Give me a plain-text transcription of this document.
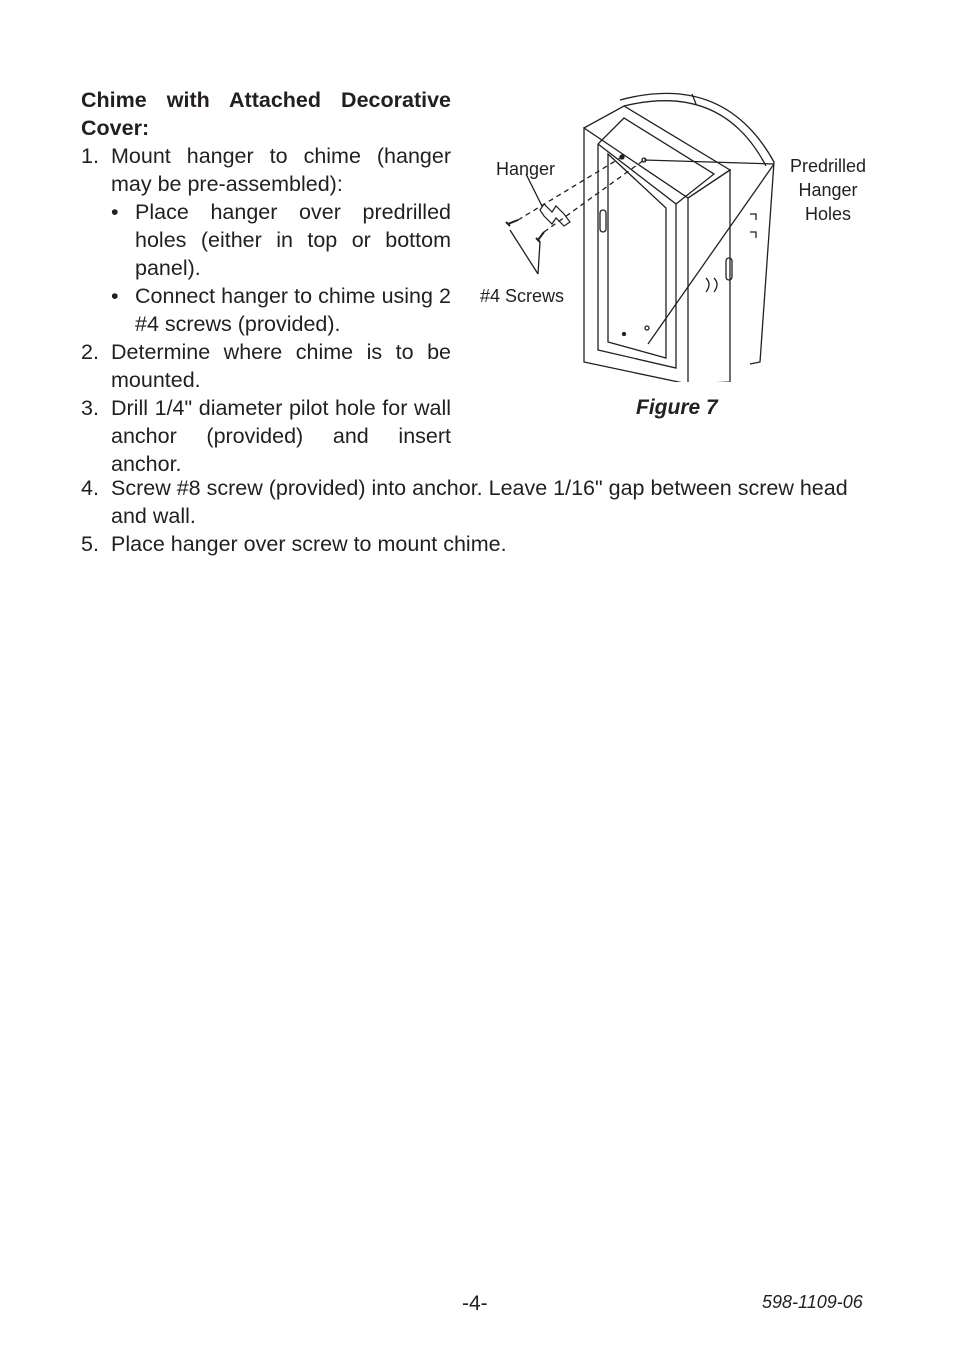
Chime with Attached Decorative Cover:

1. Mount hanger to chime (hanger may be pre-assembled):
• Place hanger over predrilled holes (either in top or bottom panel).
• Connect hanger to chime using 2 #4 screws (provided).
2. Determine where chime is to be mounted.
3. Drill 1/4" diameter pilot hole for wall anchor (provided) and insert anchor.
4. Screw #8 screw (provided) into anchor. Leave 1/16" gap between screw head and wall.
5. Place hanger over screw to mount chime.
Hanger
#4 Screws
Predrilled
Hanger
Holes
Figure 7
-4-	598-1109-06
